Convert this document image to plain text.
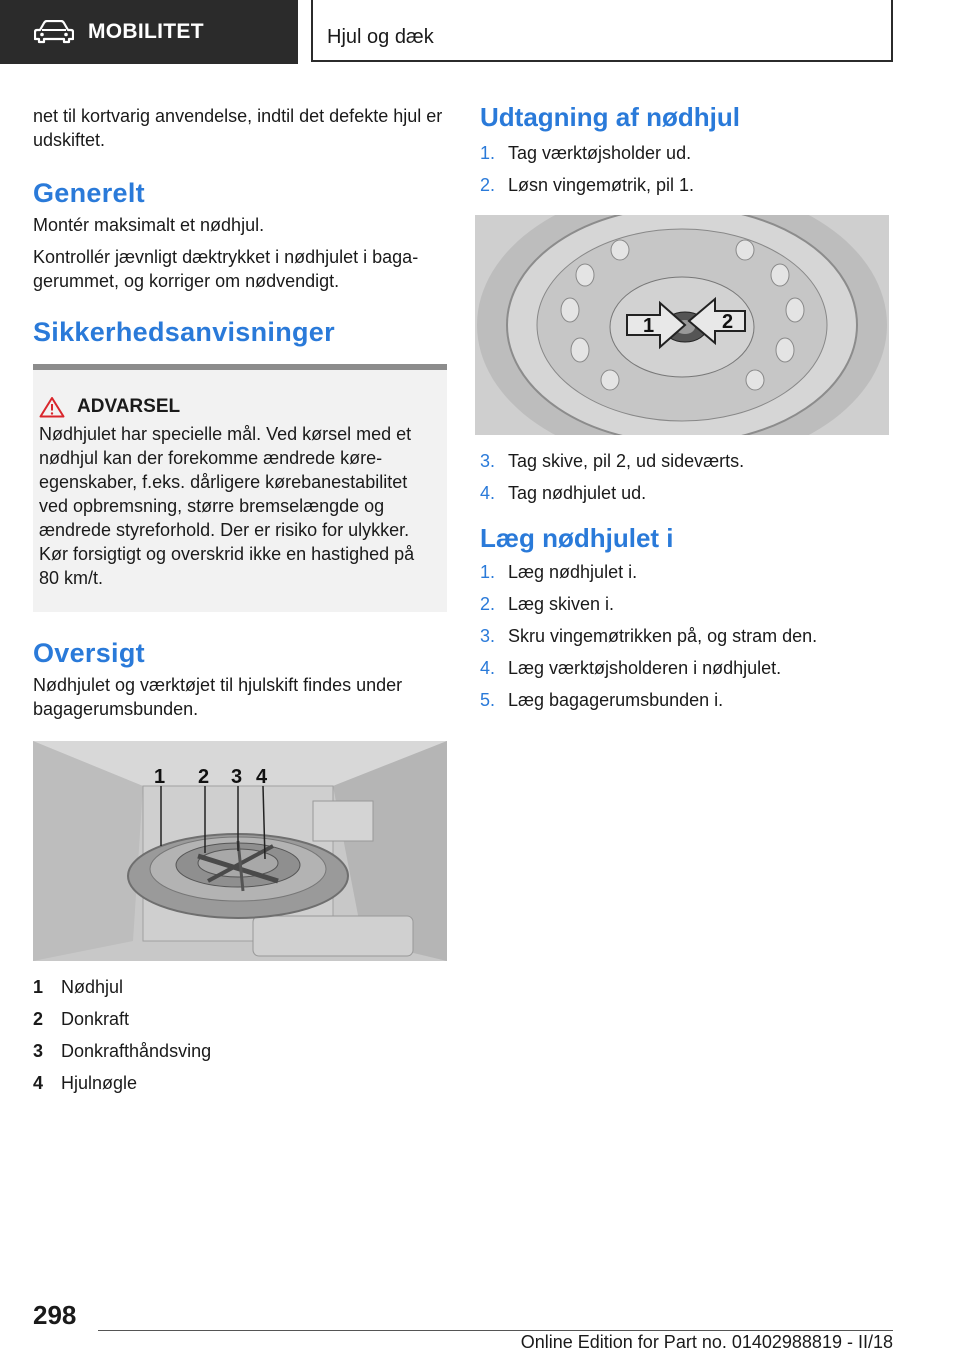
MOBILITET	Hjul og dæk

net til kortvarig anvendelse, indtil det defekte hjul er udskiftet.

Generelt

Montér maksimalt et nødhjul.

Kontrollér jævnligt dæktrykket i nødhjulet i bagagerummet, og korriger om nødvendigt.

Sikkerhedsanvisninger
ADVARSEL

Nødhjulet har specielle mål. Ved kørsel med et nødhjul kan der forekomme ændrede køreegenskaber, f.eks. dårligere kørebanestabilitet ved opbremsning, større bremselængde og ændrede styreforhold. Der er risiko for ulykker. Kør forsigtigt og overskrid ikke en hastighed på 80 km/t.

Oversigt

Nødhjulet og værktøjet til hjulskift findes under bagagerumsbunden.

1 2 3 4
1 Nødhjul
2 Donkraft
3 Donkrafthåndsving
4 Hjulnøgle
Udtagning af nødhjul
1. Tag værktøjsholder ud.
2. Løsn vingemøtrik, pil 1.
1	2
3. Tag skive, pil 2, ud sideværts.
4. Tag nødhjulet ud.
Læg nødhjulet i
1. Læg nødhjulet i.
2. Læg skiven i.
3. Skru vingemøtrikken på, og stram den.
4. Læg værktøjsholderen i nødhjulet.
5. Læg bagagerumsbunden i.
298
Online Edition for Part no. 01402988819 - II/18
